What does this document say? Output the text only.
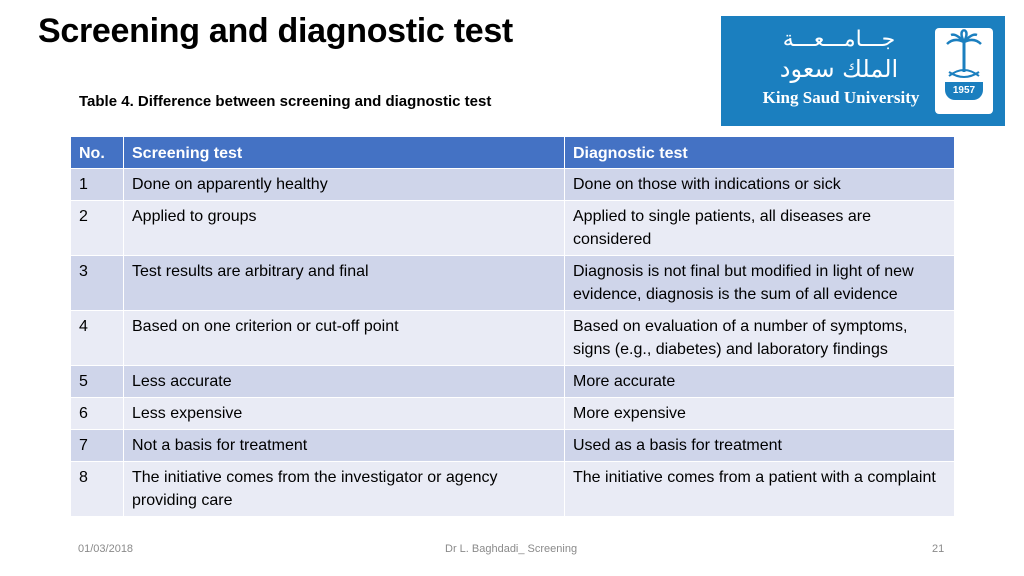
Screening and diagnostic test
Table 4. Difference between screening and diagnostic test
جـــامـــعـــة
الملك سعود
King Saud University	1957
No.	Screening test	Diagnostic test
1	Done on apparently healthy	Done on those with indications or sick
2	Applied to groups	Applied to single patients, all diseases are considered
3	Test results are arbitrary and final	Diagnosis is not final but modified in light of new evidence, diagnosis is the sum of all evidence
4	Based on one criterion or cut-off point	Based on evaluation of a number of symptoms, signs (e.g., diabetes) and laboratory findings
5	Less accurate	More accurate
6	Less expensive	More expensive
7	Not a basis for treatment	Used as a basis for treatment
8	The initiative comes from the investigator or agency providing care	The initiative comes from a patient with a complaint
01/03/2018	Dr L. Baghdadi_ Screening	21
